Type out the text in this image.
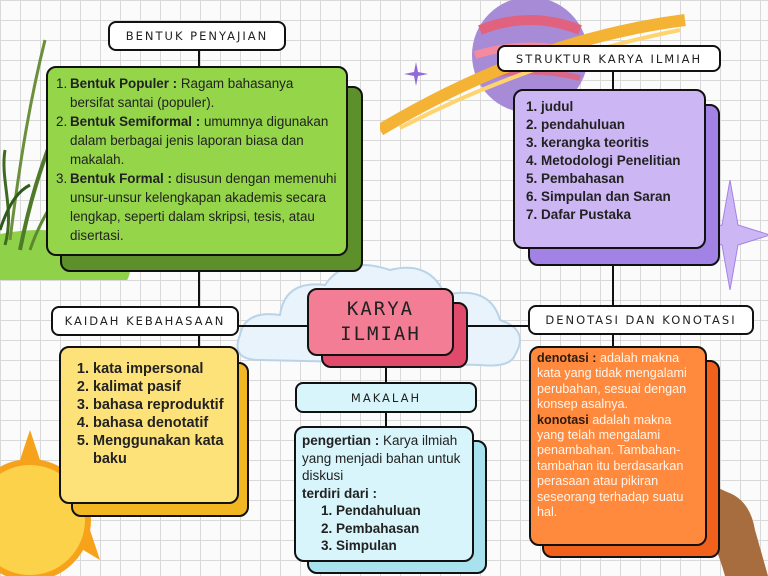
BENTUK PENYAJIAN
1. Bentuk Populer : Ragam bahasanya bersifat santai (populer).
2. Bentuk Semiformal : umumnya digunakan dalam berbagai jenis laporan biasa dan makalah.
3. Bentuk Formal : disusun dengan memenuhi unsur-unsur kelengkapan akademis secara lengkap, seperti dalam skripsi, tesis, atau disertasi.
STRUKTUR KARYA ILMIAH
1. judul
2. pendahuluan
3. kerangka teoritis
4. Metodologi Penelitian
5. Pembahasan
6. Simpulan dan Saran
7. Dafar Pustaka
KARYA
ILMIAH
KAIDAH KEBAHASAAN
1. kata impersonal
2. kalimat pasif
3. bahasa reproduktif
4. bahasa denotatif
5. Menggunakan kata baku
MAKALAH
pengertian : Karya ilmiah yang menjadi bahan untuk diskusi
terdiri dari :
1. Pendahuluan
2. Pembahasan
3. Simpulan
DENOTASI DAN KONOTASI
denotasi : adalah makna kata yang tidak mengalami perubahan, sesuai dengan konsep asalnya.
konotasi adalah makna yang telah mengalami penambahan. Tambahan-tambahan itu berdasarkan perasaan atau pikiran seseorang terhadap suatu hal.
